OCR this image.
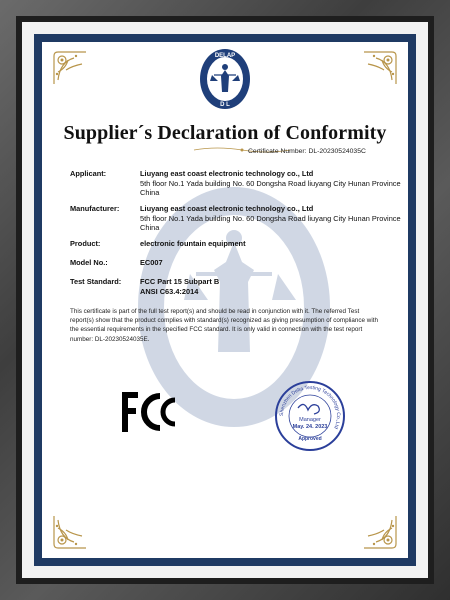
DELAP
D L
Supplier´s Declaration of Conformity
Certificate Number: DL-20230524035C
Applicant:	Liuyang east coast electronic technology co., Ltd
5th floor No.1 Yada building No. 60 Dongsha Road liuyang City Hunan Province
China
Manufacturer:	Liuyang east coast electronic technology co., Ltd
5th floor No.1 Yada building No. 60 Dongsha Road liuyang City Hunan Province
China
Product:	electronic fountain equipment
Model No.:	EC007
Test Standard:	FCC Part 15 Subpart B
ANSI C63.4:2014
This certificate is part of the full test report(s) and should be read in conjunction with it. The referred Test report(s) show that the product complies with standard(s) recognized as giving presumption of compliance with the essential requirements in the specified FCC standard. It is only valid in connection with the test report number: DL-20230524035E.
Shenzhen Delta Testing Technology Co.,Ltd
Manager
May. 24. 2023
Approved
